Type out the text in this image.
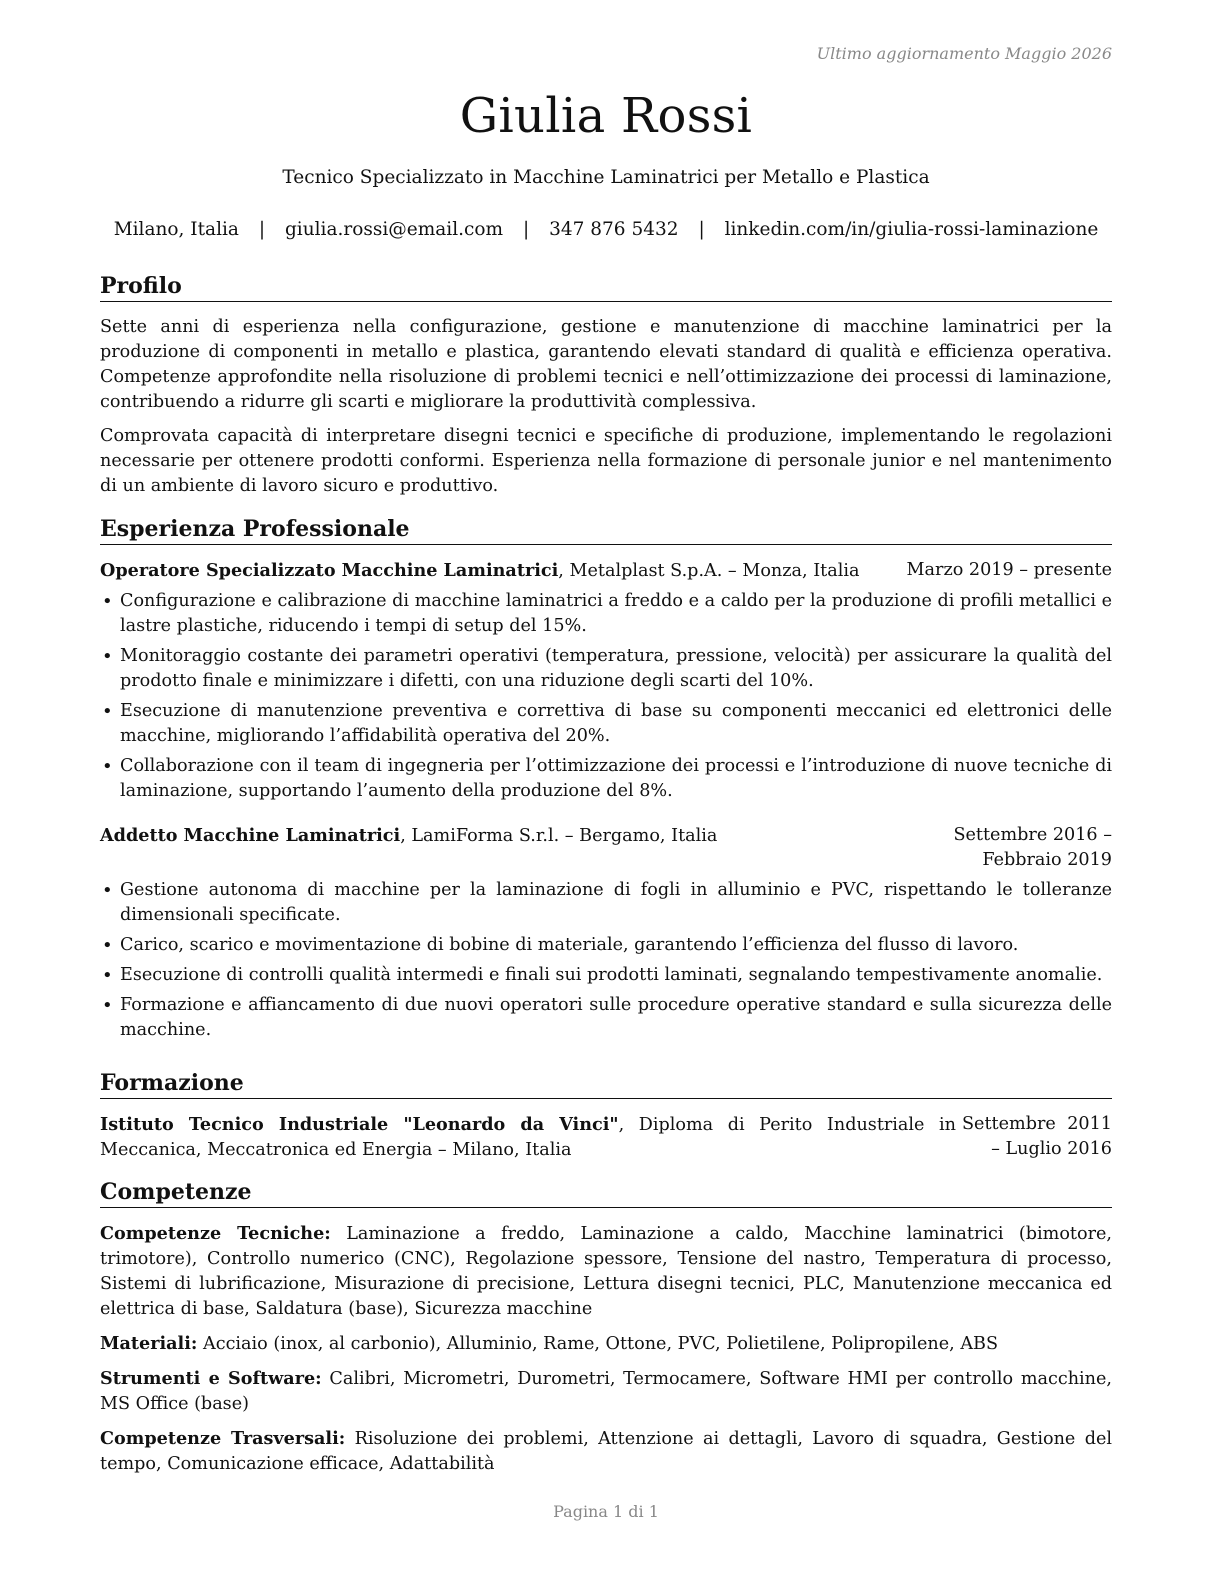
Ultimo aggiornamento Maggio 2026
Giulia Rossi
Tecnico Specializzato in Macchine Laminatrici per Metallo e Plastica
Milano, Italia | giulia.rossi@email.com | 347 876 5432 | linkedin.com/in/giulia-rossi-laminazione
Profilo

Sette anni di esperienza nella configurazione, gestione e manutenzione di macchine laminatrici per la produzione di componenti in metallo e plastica, garantendo elevati standard di qualità e efficienza operativa. Competenze approfondite nella risoluzione di problemi tecnici e nell’ottimizzazione dei processi di laminazione, contribuendo a ridurre gli scarti e migliorare la produttività complessiva.

Comprovata capacità di interpretare disegni tecnici e specifiche di produzione, implementando le regolazioni necessarie per ottenere prodotti conformi. Esperienza nella formazione di personale junior e nel mantenimento di un ambiente di lavoro sicuro e produttivo.

Esperienza Professionale
Operatore Specializzato Macchine Laminatrici, Metalplast S.p.A. – Monza, Italia	Marzo 2019 – presente
• Configurazione e calibrazione di macchine laminatrici a freddo e a caldo per la produzione di profili metallici e lastre plastiche, riducendo i tempi di setup del 15%.
• Monitoraggio costante dei parametri operativi (temperatura, pressione, velocità) per assicurare la qualità del prodotto finale e minimizzare i difetti, con una riduzione degli scarti del 10%.
• Esecuzione di manutenzione preventiva e correttiva di base su componenti meccanici ed elettronici delle macchine, migliorando l’affidabilità operativa del 20%.
• Collaborazione con il team di ingegneria per l’ottimizzazione dei processi e l’introduzione di nuove tecniche di laminazione, supportando l’aumento della produzione del 8%.
Addetto Macchine Laminatrici, LamiForma S.r.l. – Bergamo, Italia	Settembre 2016 – Febbraio 2019
• Gestione autonoma di macchine per la laminazione di fogli in alluminio e PVC, rispettando le tolleranze dimensionali specificate.
• Carico, scarico e movimentazione di bobine di materiale, garantendo l’efficienza del flusso di lavoro.
• Esecuzione di controlli qualità intermedi e finali sui prodotti laminati, segnalando tempestivamente anomalie.
• Formazione e affiancamento di due nuovi operatori sulle procedure operative standard e sulla sicurezza delle macchine.
Formazione
Istituto Tecnico Industriale "Leonardo da Vinci", Diploma di Perito Industriale in Meccanica, Meccatronica ed Energia – Milano, Italia
Settembre 2011 – Luglio 2016
Competenze

Competenze Tecniche: Laminazione a freddo, Laminazione a caldo, Macchine laminatrici (bimotore, trimotore), Controllo numerico (CNC), Regolazione spessore, Tensione del nastro, Temperatura di processo, Sistemi di lubrificazione, Misurazione di precisione, Lettura disegni tecnici, PLC, Manutenzione meccanica ed elettrica di base, Saldatura (base), Sicurezza macchine

Materiali: Acciaio (inox, al carbonio), Alluminio, Rame, Ottone, PVC, Polietilene, Polipropilene, ABS

Strumenti e Software: Calibri, Micrometri, Durometri, Termocamere, Software HMI per controllo macchine, MS Office (base)

Competenze Trasversali: Risoluzione dei problemi, Attenzione ai dettagli, Lavoro di squadra, Gestione del tempo, Comunicazione efficace, Adattabilità

Pagina 1 di 1
